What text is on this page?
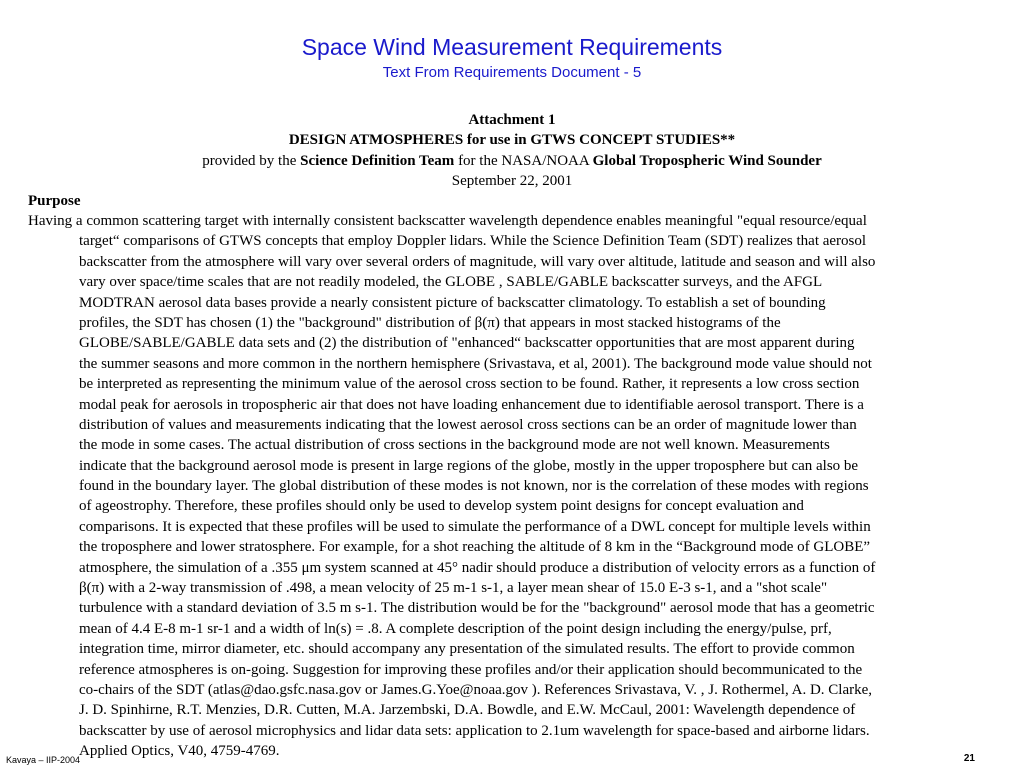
Space Wind Measurement Requirements
Text From Requirements Document - 5
Attachment 1
DESIGN ATMOSPHERES for use in GTWS CONCEPT STUDIES**
provided by the Science Definition Team for the NASA/NOAA Global Tropospheric Wind Sounder
September 22, 2001
Purpose
Having a common scattering target with internally consistent backscatter wavelength dependence enables meaningful "equal resource/equal
target“ comparisons of GTWS concepts that employ Doppler lidars. While the Science Definition Team (SDT) realizes that aerosol
backscatter from the atmosphere will vary over several orders of magnitude, will vary over altitude, latitude and season and will also
vary over space/time scales that are not readily modeled, the GLOBE , SABLE/GABLE backscatter surveys, and the AFGL
MODTRAN aerosol data bases provide a nearly consistent picture of backscatter climatology. To establish a set of bounding
profiles, the SDT has chosen (1) the "background" distribution of β(π) that appears in most stacked histograms of the
GLOBE/SABLE/GABLE data sets and (2) the distribution of "enhanced“ backscatter opportunities that are most apparent during
the summer seasons and more common in the northern hemisphere (Srivastava, et al, 2001). The background mode value should not
be interpreted as representing the minimum value of the aerosol cross section to be found. Rather, it represents a low cross section
modal peak for aerosols in tropospheric air that does not have loading enhancement due to identifiable aerosol transport. There is a
distribution of values and measurements indicating that the lowest aerosol cross sections can be an order of magnitude lower than
the mode in some cases. The actual distribution of cross sections in the background mode are not well known. Measurements
indicate that the background aerosol mode is present in large regions of the globe, mostly in the upper troposphere but can also be
found in the boundary layer. The global distribution of these modes is not known, nor is the correlation of these modes with regions
of ageostrophy. Therefore, these profiles should only be used to develop system point designs for concept evaluation and
comparisons. It is expected that these profiles will be used to simulate the performance of a DWL concept for multiple levels within
the troposphere and lower stratosphere. For example, for a shot reaching the altitude of 8 km in the “Background mode of GLOBE”
atmosphere, the simulation of a .355 μm system scanned at 45° nadir should produce a distribution of velocity errors as a function of
β(π) with a 2-way transmission of .498, a mean velocity of 25 m-1 s-1, a layer mean shear of 15.0 E-3 s-1, and a "shot scale"
turbulence with a standard deviation of 3.5 m s-1. The distribution would be for the "background" aerosol mode that has a geometric
mean of 4.4 E-8 m-1 sr-1 and a width of ln(s) = .8. A complete description of the point design including the energy/pulse, prf,
integration time, mirror diameter, etc. should accompany any presentation of the simulated results. The effort to provide common
reference atmospheres is on-going. Suggestion for improving these profiles and/or their application should becommunicated to the
co-chairs of the SDT (atlas@dao.gsfc.nasa.gov or James.G.Yoe@noaa.gov ). References Srivastava, V. , J. Rothermel, A. D. Clarke,
J. D. Spinhirne, R.T. Menzies, D.R. Cutten, M.A. Jarzembski, D.A. Bowdle, and E.W. McCaul, 2001: Wavelength dependence of
backscatter by use of aerosol microphysics and lidar data sets: application to 2.1um wavelength for space-based and airborne lidars.
Applied Optics, V40, 4759-4769.
Kavaya – IIP-2004	21
